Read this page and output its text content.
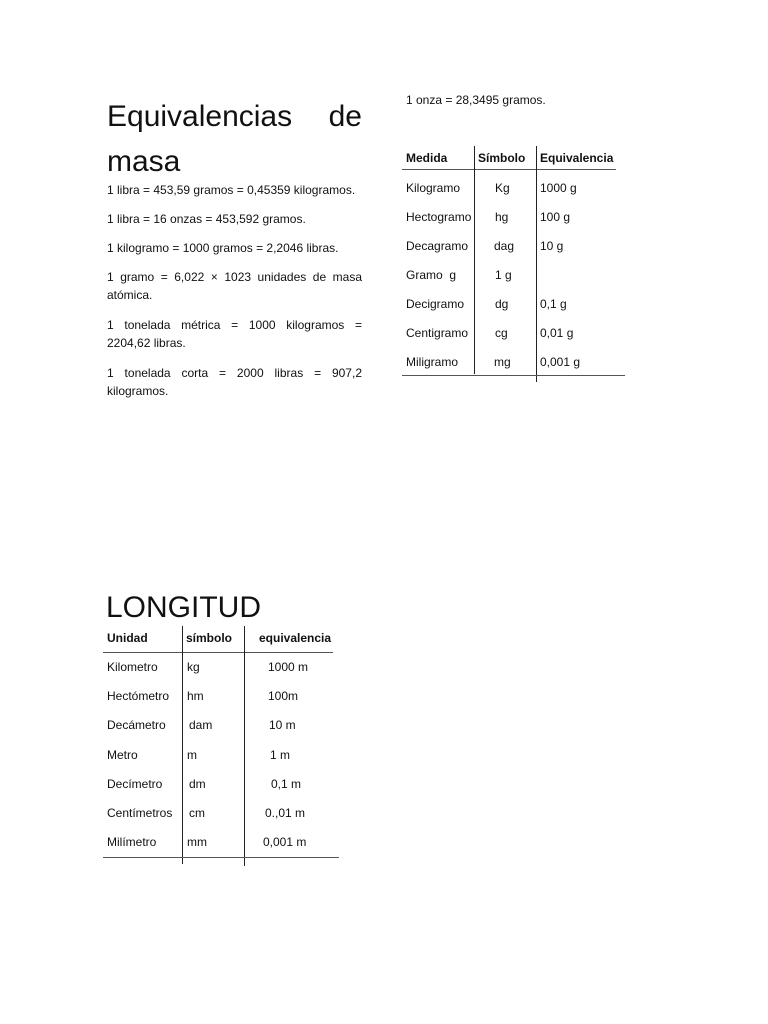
Equivalencias de masa

1 libra = 453,59 gramos = 0,45359 kilogramos.

1 libra = 16 onzas = 453,592 gramos.

1 kilogramo = 1000 gramos = 2,2046 libras.

1 gramo = 6,022 × 1023 unidades de masa atómica.

1 tonelada métrica = 1000 kilogramos = 2204,62 libras.

1 tonelada corta = 2000 libras = 907,2 kilogramos.

1 onza = 28,3495 gramos.

Medida	Símbolo Equivalencia
Kilogramo	Kg	1000 g
Hectogramo hg	100 g
Decagramo dag 10 g
Gramo  g	1 g
Decigramo	dg	0,1 g
Centigramo cg	0,01 g
Miligramo	mg 0,001 g
LONGITUD
Unidad	símbolo equivalencia
Kilometro kg	1000 m
Hectómetro hm	100m
Decámetro dam	10 m
Metro	m	1 m
Decímetro dm	0,1 m
Centímetros cm	0.,01 m
Milímetro	mm	0,001 m
